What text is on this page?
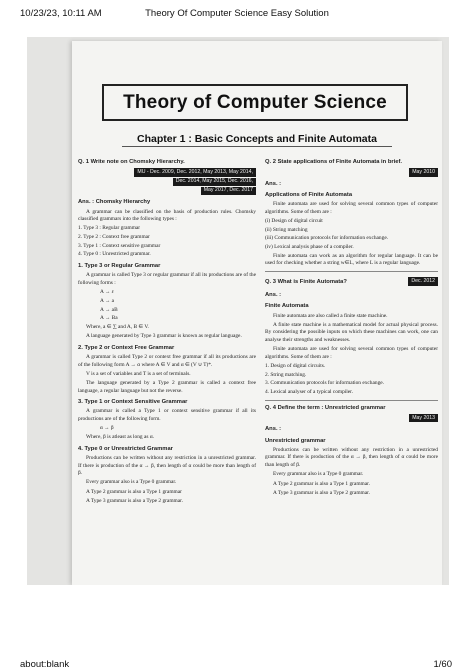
10/23/23, 10:11 AM	Theory Of Computer Science Easy Solution
Theory of Computer Science
Chapter 1 : Basic Concepts and Finite Automata
Q. 1 Write note on Chomsky Hierarchy.
MU - Dec. 2009, Dec. 2012, May 2013, May 2014,
Dec. 2014, May 2015, Dec. 2016,
May 2017, Dec. 2017
Ans. : Chomsky Hierarchy
A grammar can be classified on the basis of production rules. Chomsky classified grammars into the following types :
1. Type 3 : Regular grammar
2. Type 2 : Context free grammar
3. Type 1 : Context sensitive grammar
4. Type 0 : Unrestricted grammar.
1. Type 3 or Regular Grammar
A grammar is called Type 3 or regular grammar if all its productions are of the following forms :
A → ε
A → a
A → aB
A → Ba
Where, a ∈ ∑ and A, B ∈ V.
A language generated by Type 3 grammar is known as regular language.
2. Type 2 or Context Free Grammar
A grammar is called Type 2 or context free grammar if all its productions are of the following form A → α where A ∈ V and α ∈ (V ∪ T)*.
V is a set of variables and T is a set of terminals.
The language generated by a Type 2 grammar is called a context free language, a regular language but not the reverse.
3. Type 1 or Context Sensitive Grammar
A grammar is called a Type 1 or context sensitive grammar if all its productions are of the following form.
α → β
Where, β is atleast as long as α.
4. Type 0 or Unrestricted Grammar
Productions can be written without any restriction in a unrestricted grammar. If there is production of the α → β, then length of α could be more than length of β.
Every grammar also is a Type 0 grammar.
A Type 2 grammar is also a Type 1 grammar
A Type 3 grammar is also a Type 2 grammar.
Q. 2 State applications of Finite Automata in brief.
May 2010
Ans. :
Applications of Finite Automata
Finite automata are used for solving several common types of computer algorithms. Some of them are :
(i) Design of digital circuit
(ii) String matching
(iii) Communication protocols for information exchange.
(iv) Lexical analysis phase of a compiler.
Finite automata can work as an algorithm for regular language. It can be used for checking whether a string w∈L, where L is a regular language.
Q. 3 What is Finite Automata?	Dec. 2012
Ans. :
Finite Automata
Finite automata are also called a finite state machine.
A finite state machine is a mathematical model for actual physical process. By considering the possible inputs on which these machines can work, one can analyse their strengths and weaknesses.
Finite automata are used for solving several common types of computer algorithms. Some of them are :
1. Design of digital circuits.
2. String matching.
3. Communication protocols for information exchange.
4. Lexical analyser of a typical compiler.
Q. 4 Define the term : Unrestricted grammar
May 2013
Ans. :
Unrestricted grammar
Productions can be written without any restriction in a unrestricted grammar. If there is production of the α → β, then length of α could be more than length of β.
Every grammar also is a Type 0 grammar.
A Type 2 grammar is also a Type 1 grammar.
A Type 3 grammar is also a Type 2 grammar.
about:blank	1/60
